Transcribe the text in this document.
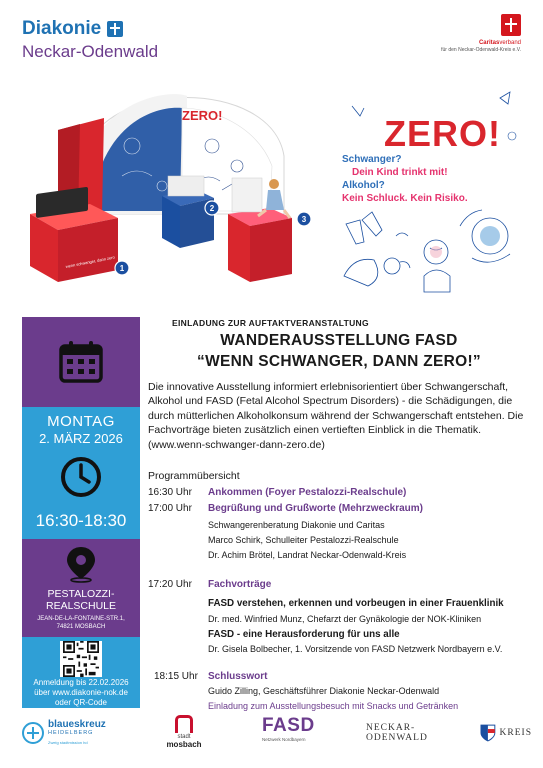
Diakonie
Neckar-Odenwald	Caritasverband
für den Neckar-Odenwald-Kreis e.V.
ZERO!
wenn schwanger, dann zero 1
2
3
ZERO!
Schwanger?
Dein Kind trinkt mit!
Alkohol?
Kein Schluck. Kein Risiko.
MONTAG
2. MÄRZ 2026
16:30-18:30
PESTALOZZI-
REALSCHULE
JEAN-DE-LA-FONTAINE-STR.1,
74821 MOSBACH
Anmeldung bis 22.02.2026
über www.diakonie-nok.de
oder QR-Code
EINLADUNG ZUR AUFTAKTVERANSTALTUNG
WANDERAUSSTELLUNG FASD
“WENN SCHWANGER, DANN ZERO!”
Die innovative Ausstellung informiert erlebnisorientiert über Schwangerschaft, Alkohol und FASD (Fetal Alcohol Spectrum Disorders) - die Schädigungen, die durch mütterlichen Alkoholkonsum während der Schwangerschaft entstehen. Die Fachvorträge bieten zusätzlich einen vertieften Einblick in die Thematik. (www.wenn-schwanger-dann-zero.de)
Programmübersicht
16:30 Uhr	Ankommen (Foyer Pestalozzi-Realschule)
17:00 Uhr	Begrüßung und Grußworte (Mehrzweckraum)
Schwangerenberatung Diakonie und Caritas
Marco Schirk, Schulleiter Pestalozzi-Realschule
Dr. Achim Brötel, Landrat Neckar-Odenwald-Kreis
17:20 Uhr	Fachvorträge
FASD verstehen, erkennen und vorbeugen in einer Frauenklinik
Dr. med. Winfried Munz, Chefarzt der Gynäkologie der NOK-Kliniken
FASD - eine Herausforderung für uns alle
Dr. Gisela Bolbecher, 1. Vorsitzende von FASD Netzwerk Nordbayern e.V.
18:15 Uhr	Schlusswort
Guido Zilling, Geschäftsführer Diakonie Neckar-Odenwald
Einladung zum Ausstellungsbesuch mit Snacks und Getränken
blaueskreuz
HEIDELBERG
Zweig stadtmission hd
stadt
mosbach
FASD
Netzwerk Nordbayern
NECKAR-ODENWALD	KREIS
